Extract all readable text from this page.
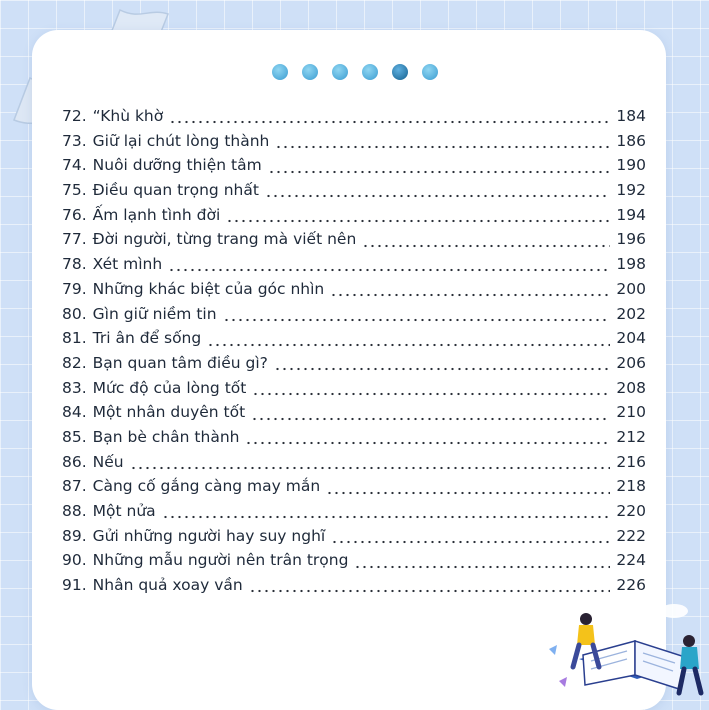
72. “Khù khờ	184
73. Giữ lại chút lòng thành	186
74. Nuôi dưỡng thiện tâm	190
75. Điều quan trọng nhất	192
76. Ấm lạnh tình đời	194
77. Đời người, từng trang mà viết nên	196
78. Xét mình	198
79. Những khác biệt của góc nhìn	200
80. Gìn giữ niềm tin	202
81. Tri ân để sống	204
82. Bạn quan tâm điều gì?	206
83. Mức độ của lòng tốt	208
84. Một nhân duyên tốt	210
85. Bạn bè chân thành	212
86. Nếu	216
87. Càng cố gắng càng may mắn	218
88. Một nửa	220
89. Gửi những người hay suy nghĩ	222
90. Những mẫu người nên trân trọng	224
91. Nhân quả xoay vần	226
